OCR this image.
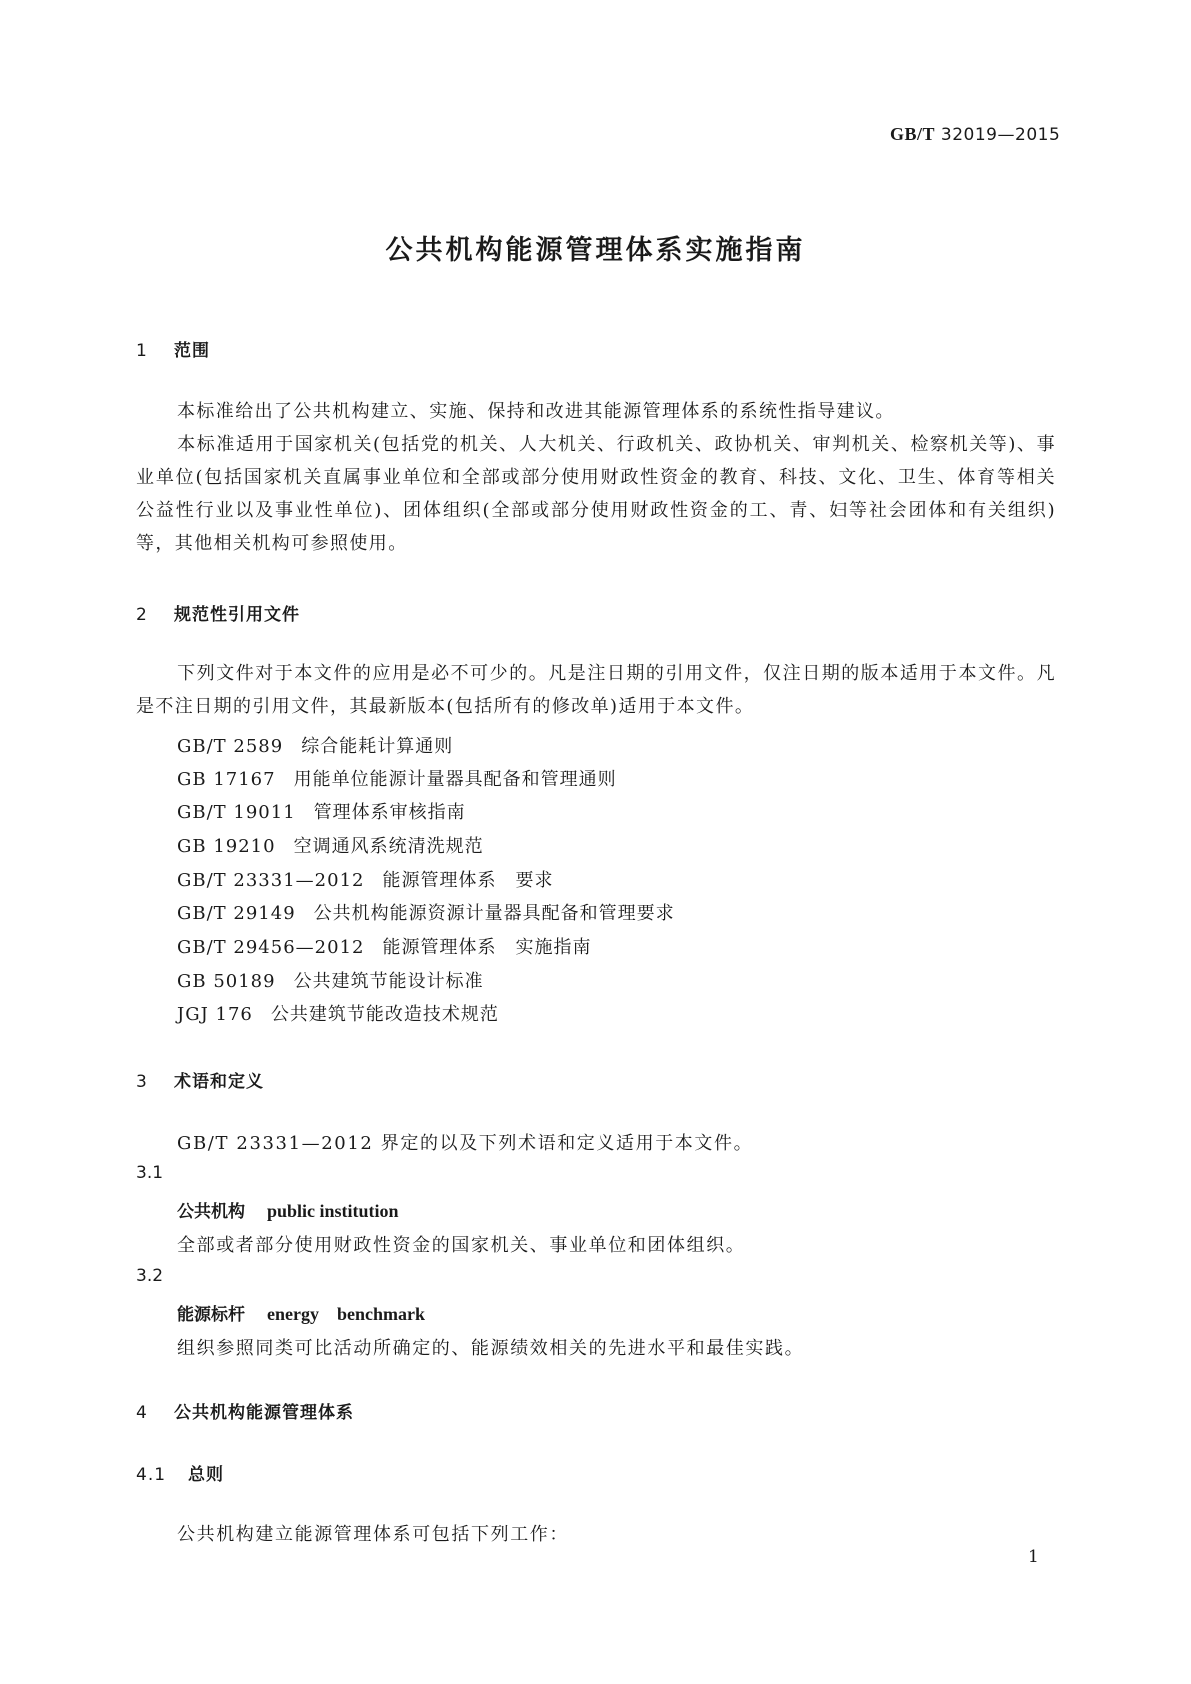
GB/T 32019—2015
公共机构能源管理体系实施指南
1 范围
本标准给出了公共机构建立、实施、保持和改进其能源管理体系的系统性指导建议。
本标准适用于国家机关(包括党的机关、人大机关、行政机关、政协机关、审判机关、检察机关等)、事业单位(包括国家机关直属事业单位和全部或部分使用财政性资金的教育、科技、文化、卫生、体育等相关公益性行业以及事业性单位)、团体组织(全部或部分使用财政性资金的工、青、妇等社会团体和有关组织)等，其他相关机构可参照使用。
2 规范性引用文件
下列文件对于本文件的应用是必不可少的。凡是注日期的引用文件，仅注日期的版本适用于本文件。凡是不注日期的引用文件，其最新版本(包括所有的修改单)适用于本文件。
GB/T 2589 综合能耗计算通则
GB 17167 用能单位能源计量器具配备和管理通则
GB/T 19011 管理体系审核指南
GB 19210 空调通风系统清洗规范
GB/T 23331—2012 能源管理体系　要求
GB/T 29149 公共机构能源资源计量器具配备和管理要求
GB/T 29456—2012 能源管理体系　实施指南
GB 50189 公共建筑节能设计标准
JGJ 176 公共建筑节能改造技术规范
3 术语和定义
GB/T 23331—2012 界定的以及下列术语和定义适用于本文件。
3.1
公共机构 public institution
全部或者部分使用财政性资金的国家机关、事业单位和团体组织。
3.2
能源标杆 energy　benchmark
组织参照同类可比活动所确定的、能源绩效相关的先进水平和最佳实践。
4 公共机构能源管理体系
4.1 总则
公共机构建立能源管理体系可包括下列工作：
1
